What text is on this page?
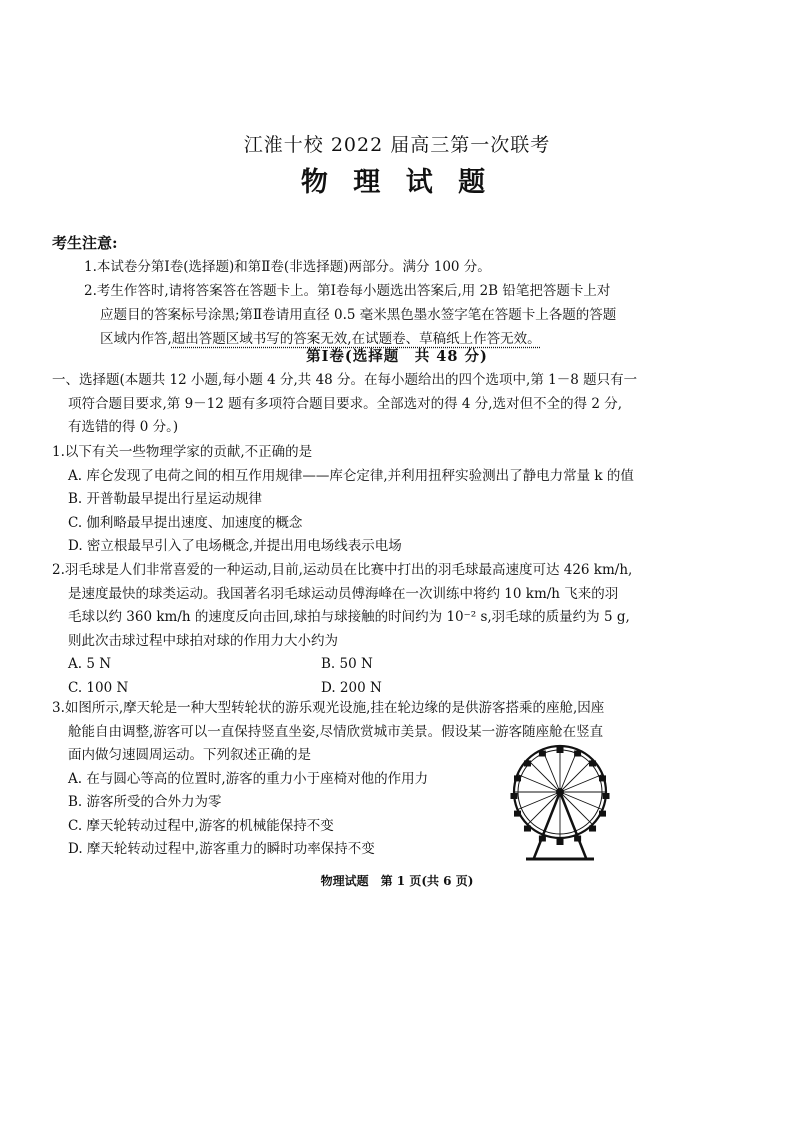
江淮十校 2022 届高三第一次联考
物 理 试 题
考生注意:

1.本试卷分第Ⅰ卷(选择题)和第Ⅱ卷(非选择题)两部分。满分 100 分。

2.考生作答时,请将答案答在答题卡上。第Ⅰ卷每小题选出答案后,用 2B 铅笔把答题卡上对

应题目的答案标号涂黑;第Ⅱ卷请用直径 0.5 毫米黑色墨水签字笔在答题卡上各题的答题

区域内作答,超出答题区域书写的答案无效,在试题卷、草稿纸上作答无效。

第Ⅰ卷(选择题　共 48 分)

一、选择题(本题共 12 小题,每小题 4 分,共 48 分。在每小题给出的四个选项中,第 1－8 题只有一

项符合题目要求,第 9－12 题有多项符合题目要求。全部选对的得 4 分,选对但不全的得 2 分,

有选错的得 0 分。)

1.以下有关一些物理学家的贡献,不正确的是

A. 库仑发现了电荷之间的相互作用规律——库仑定律,并利用扭秤实验测出了静电力常量 k 的值

B. 开普勒最早提出行星运动规律

C. 伽利略最早提出速度、加速度的概念

D. 密立根最早引入了电场概念,并提出用电场线表示电场

2.羽毛球是人们非常喜爱的一种运动,目前,运动员在比赛中打出的羽毛球最高速度可达 426 km/h,

是速度最快的球类运动。我国著名羽毛球运动员傅海峰在一次训练中将约 10 km/h 飞来的羽

毛球以约 360 km/h 的速度反向击回,球拍与球接触的时间约为 10⁻² s,羽毛球的质量约为 5 g,

则此次击球过程中球拍对球的作用力大小约为

A. 5 N	B. 50 N
C. 100 N	D. 200 N

3.如图所示,摩天轮是一种大型转轮状的游乐观光设施,挂在轮边缘的是供游客搭乘的座舱,因座

舱能自由调整,游客可以一直保持竖直坐姿,尽情欣赏城市美景。假设某一游客随座舱在竖直

面内做匀速圆周运动。下列叙述正确的是

A. 在与圆心等高的位置时,游客的重力小于座椅对他的作用力

B. 游客所受的合外力为零

C. 摩天轮转动过程中,游客的机械能保持不变

D. 摩天轮转动过程中,游客重力的瞬时功率保持不变

物理试题　第 1 页(共 6 页)
